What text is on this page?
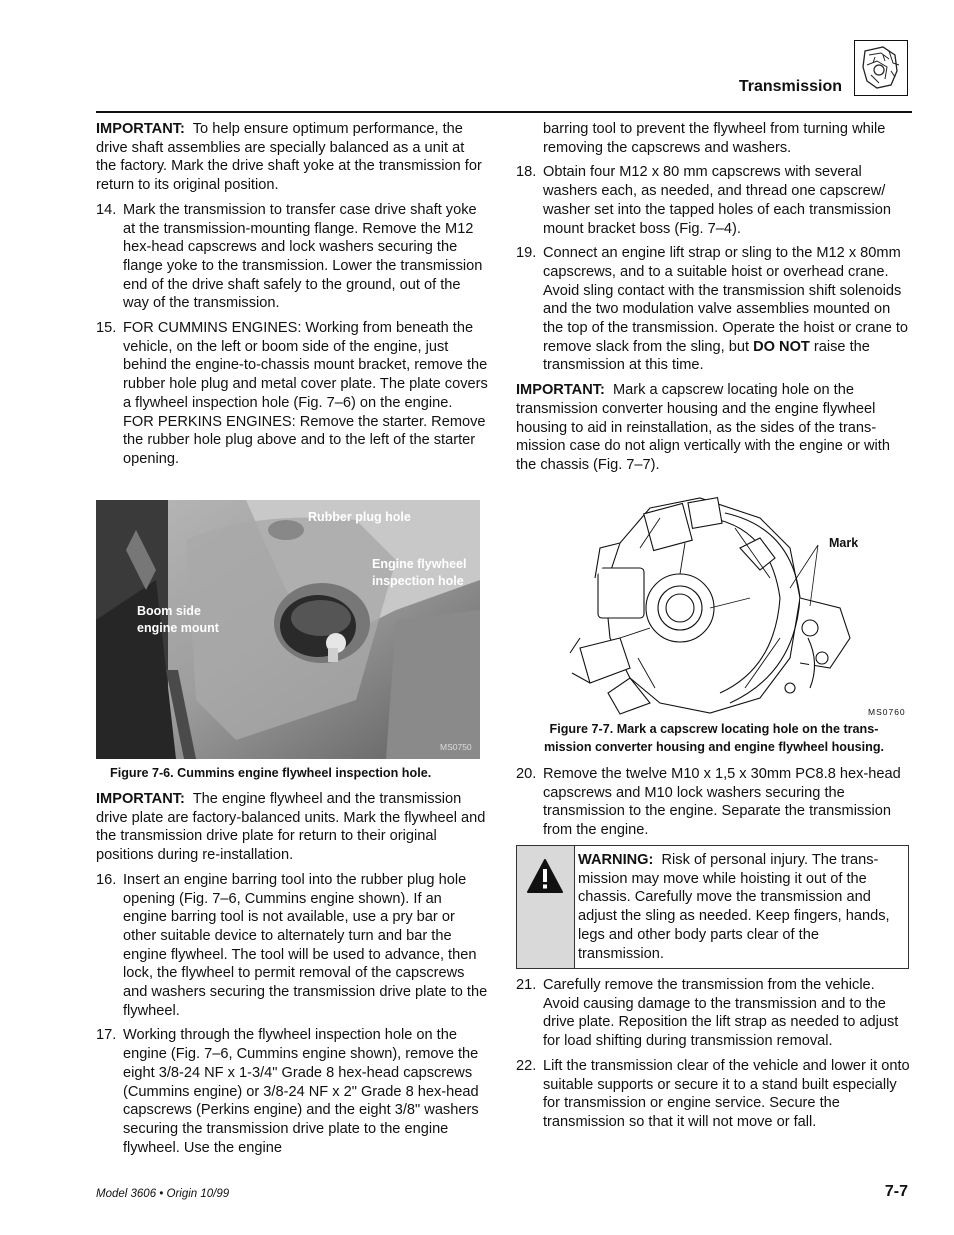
Transmission

IMPORTANT: To help ensure optimum performance, the drive shaft assemblies are specially balanced as a unit at the factory. Mark the drive shaft yoke at the transmission for return to its original position.

14. Mark the transmission to transfer case drive shaft yoke at the transmission-mounting flange. Remove the M12 hex-head capscrews and lock washers securing the flange yoke to the transmission. Lower the transmission end of the drive shaft safely to the ground, out of the way of the transmission.

15. FOR CUMMINS ENGINES: Working from beneath the vehicle, on the left or boom side of the engine, just behind the engine-to-chassis mount bracket, remove the rubber hole plug and metal cover plate. The plate covers a flywheel inspection hole (Fig. 7–6) on the engine.

FOR PERKINS ENGINES: Remove the starter. Remove the rubber hole plug above and to the left of the starter opening.

Rubber plug hole
Engine flywheel
inspection hole
Boom side
engine mount
MS0750
Figure 7-6. Cummins engine flywheel inspection hole.

IMPORTANT: The engine flywheel and the transmission drive plate are factory-balanced units. Mark the flywheel and the transmission drive plate for return to their original positions during re-installation.

16. Insert an engine barring tool into the rubber plug hole opening (Fig. 7–6, Cummins engine shown). If an engine barring tool is not available, use a pry bar or other suitable device to alternately turn and bar the engine flywheel. The tool will be used to advance, then lock, the flywheel to permit removal of the capscrews and washers securing the transmission drive plate to the flywheel.

17. Working through the flywheel inspection hole on the engine (Fig. 7–6, Cummins engine shown), remove the eight 3/8-24 NF x 1-3/4" Grade 8 hex-head capscrews (Cummins engine) or 3/8-24 NF x 2" Grade 8 hex-head capscrews (Perkins engine) and the eight 3/8" washers securing the transmission drive plate to the engine flywheel. Use the engine

barring tool to prevent the flywheel from turning while removing the capscrews and washers.

18. Obtain four M12 x 80 mm capscrews with several washers each, as needed, and thread one capscrew/ washer set into the tapped holes of each transmission mount bracket boss (Fig. 7–4).

19. Connect an engine lift strap or sling to the M12 x 80mm capscrews, and to a suitable hoist or overhead crane. Avoid sling contact with the transmission shift solenoids and the two modulation valve assemblies mounted on the top of the transmission. Operate the hoist or crane to remove slack from the sling, but DO NOT raise the transmission at this time.

IMPORTANT: Mark a capscrew locating hole on the transmission converter housing and the engine flywheel housing to aid in reinstallation, as the sides of the trans- mission case do not align vertically with the engine or with the chassis (Fig. 7–7).

Mark
MS0760
Figure 7-7. Mark a capscrew locating hole on the trans-
mission converter housing and engine flywheel housing.
20. Remove the twelve M10 x 1,5 x 30mm PC8.8 hex-head capscrews and M10 lock washers securing the transmission to the engine. Separate the transmission from the engine.

WARNING: Risk of personal injury. The trans- mission may move while hoisting it out of the chassis. Carefully move the transmission and adjust the sling as needed. Keep fingers, hands, legs and other body parts clear of the transmission.
21. Carefully remove the transmission from the vehicle. Avoid causing damage to the transmission and to the drive plate. Reposition the lift strap as needed to adjust for load shifting during transmission removal.

22. Lift the transmission clear of the vehicle and lower it onto suitable supports or secure it to a stand built especially for transmission or engine service. Secure the transmission so that it will not move or fall.

Model 3606 • Origin 10/99	7-7
